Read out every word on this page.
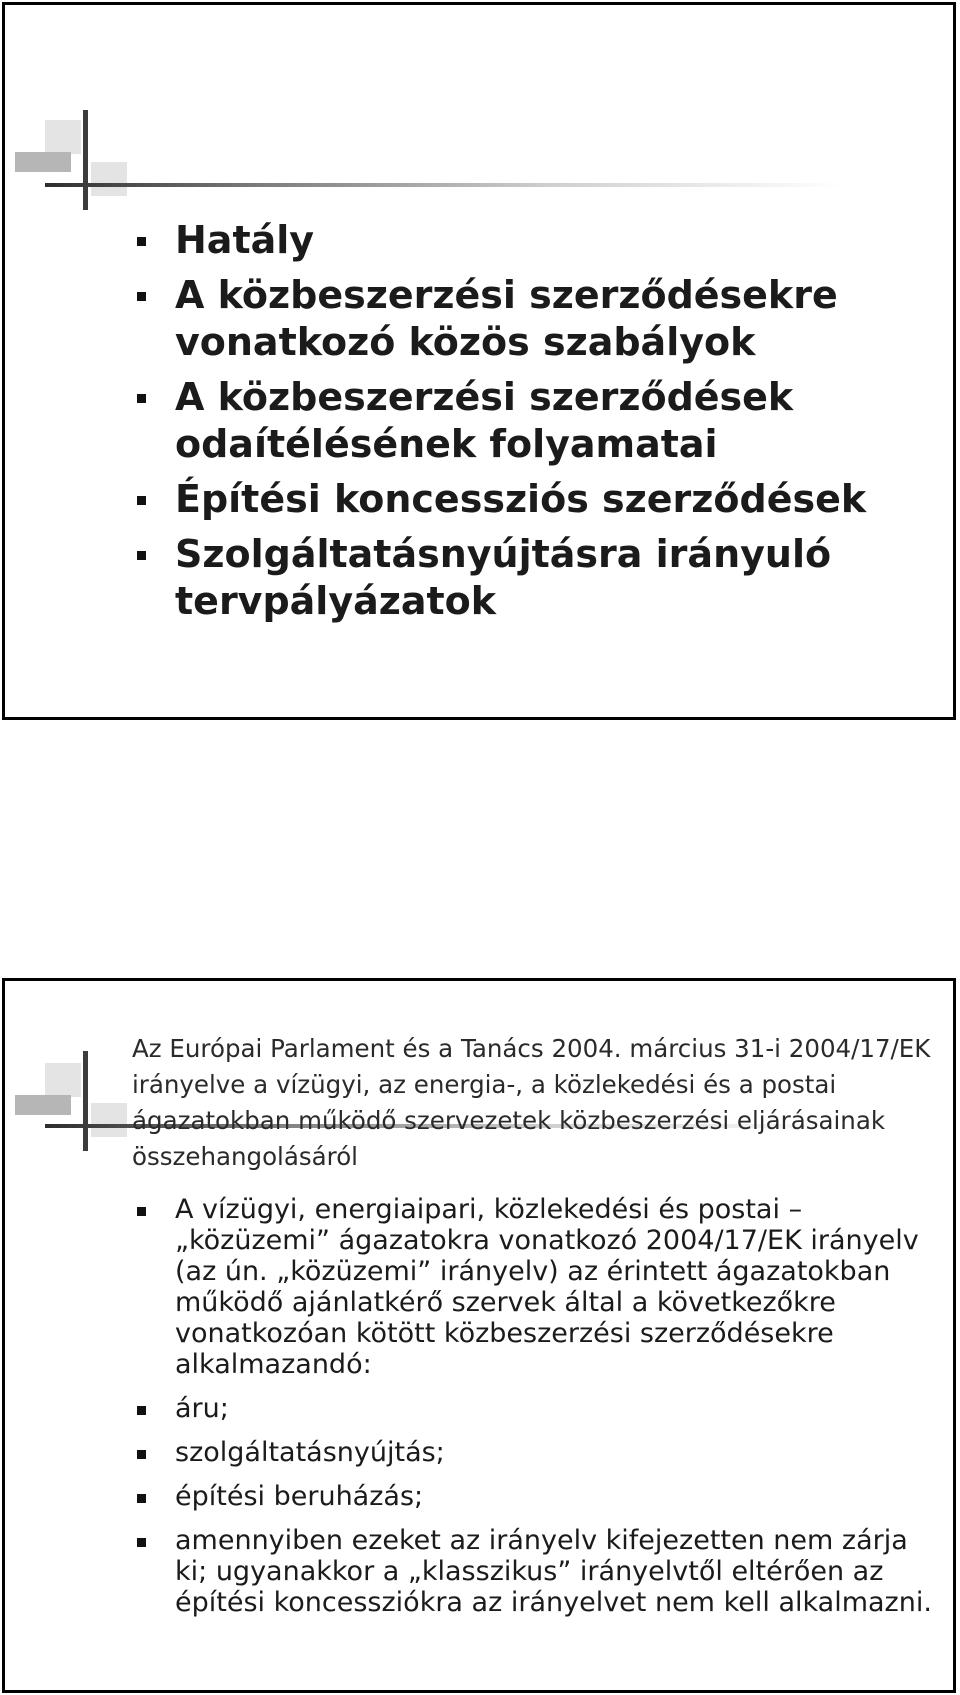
Hatály
A közbeszerzési szerződésekre vonatkozó közös szabályok
A közbeszerzési szerződések odaítélésének folyamatai
Építési koncessziós szerződések
Szolgáltatásnyújtásra irányuló tervpályázatok
Az Európai Parlament és a Tanács 2004. március 31-i 2004/17/EK irányelve a vízügyi, az energia-, a közlekedési és a postai ágazatokban működő szervezetek közbeszerzési eljárásainak összehangolásáról
A vízügyi, energiaipari, közlekedési és postai – „közüzemi” ágazatokra vonatkozó 2004/17/EK irányelv (az ún. „közüzemi” irányelv) az érintett ágazatokban működő ajánlatkérő szervek által a következőkre vonatkozóan kötött közbeszerzési szerződésekre alkalmazandó:
áru;
szolgáltatásnyújtás;
építési beruházás;
amennyiben ezeket az irányelv kifejezetten nem zárja ki; ugyanakkor a „klasszikus” irányelvtől eltérően az építési koncessziókra az irányelvet nem kell alkalmazni.
